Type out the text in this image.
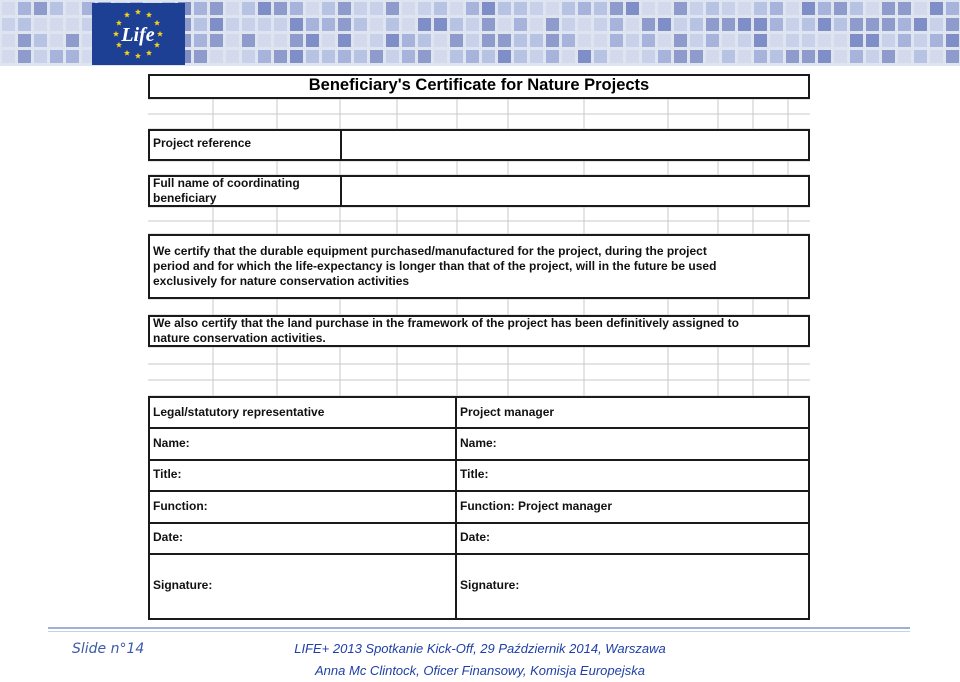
Life
Beneficiary's Certificate for Nature Projects
Project reference
Full name of coordinating
beneficiary
We certify that the durable equipment purchased/manufactured for the project, during the project
period and for which the life-expectancy is longer than that of the project, will in the future be used
exclusively for nature conservation activities
We also certify that the land purchase in the framework of the project has been definitively assigned to
nature conservation activities.
Legal/statutory representative
Name:
Title:
Function:
Date:
Signature:
Project manager
Name:
Title:
Function: Project manager
Date:
Signature:
Slide n°14	LIFE+ 2013 Spotkanie Kick-Off, 29 Październik 2014, Warszawa
Anna Mc Clintock, Oficer Finansowy, Komisja Europejska
